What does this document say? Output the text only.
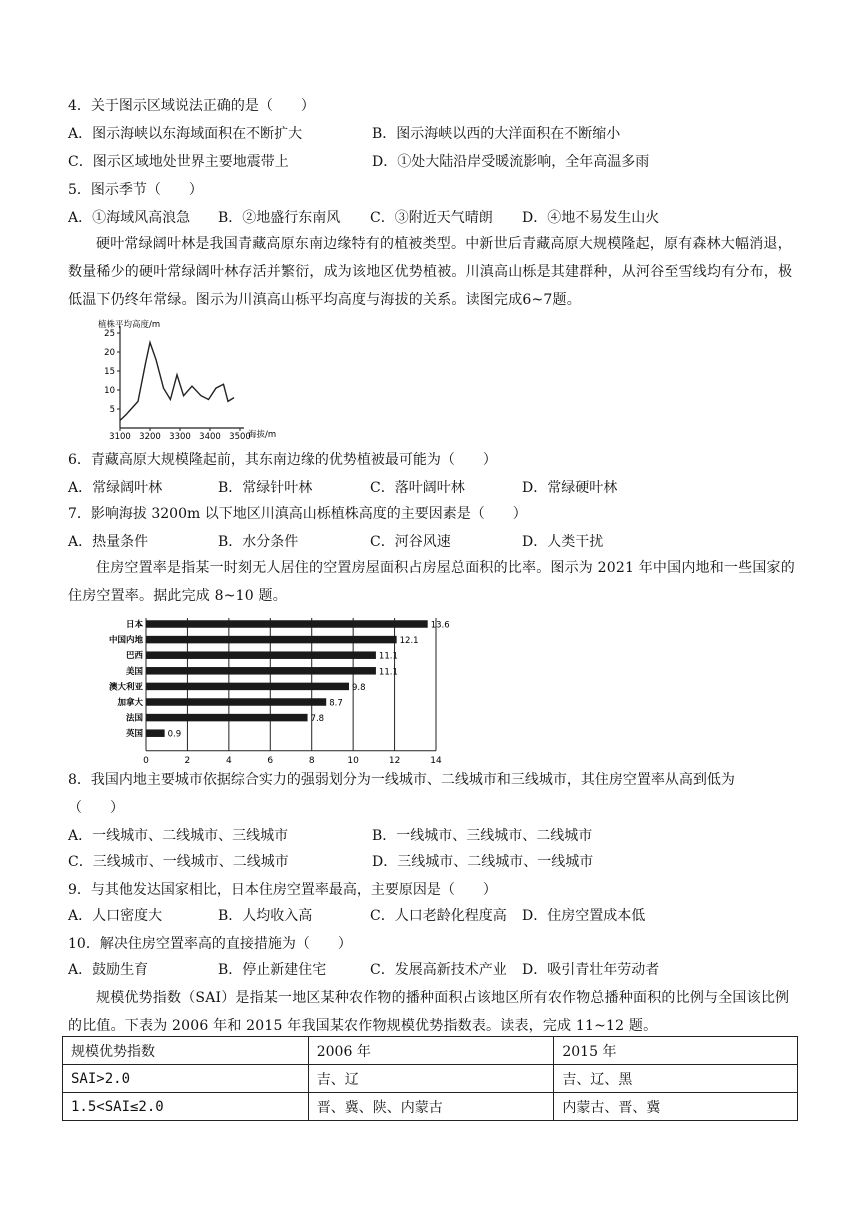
4．关于图示区域说法正确的是（　　）
A．图示海峡以东海域面积在不断扩大	B．图示海峡以西的大洋面积在不断缩小
C．图示区域地处世界主要地震带上	D．①处大陆沿岸受暖流影响，全年高温多雨
5．图示季节（　　）
A．①海域风高浪急 B．②地盛行东南风 C．③附近天气晴朗 D．④地不易发生山火
硬叶常绿阔叶林是我国青藏高原东南边缘特有的植被类型。中新世后青藏高原大规模隆起，原有森林大幅消退，数量稀少的硬叶常绿阔叶林存活并繁衍，成为该地区优势植被。川滇高山栎是其建群种，从河谷至雪线均有分布，极低温下仍终年常绿。图示为川滇高山栎平均高度与海拔的关系。读图完成6~7题。
5
10
15
20
25
3100 3200 3300 3400 3500
植株平均高度/m
海拔/m
6．青藏高原大规模隆起前，其东南边缘的优势植被最可能为（　　）
A．常绿阔叶林	B．常绿针叶林	C．落叶阔叶林	D．常绿硬叶林
7．影响海拔 3200m 以下地区川滇高山栎植株高度的主要因素是（　　）
A．热量条件	B．水分条件	C．河谷风速	D．人类干扰
住房空置率是指某一时刻无人居住的空置房屋面积占房屋总面积的比率。图示为 2021 年中国内地和一些国家的住房空置率。据此完成 8~10 题。
日本
中国内地
巴西
美国
澳大利亚
加拿大
法国
英国
13.6
12.1
11.1
11.1
9.8
8.7
7.8
0.9
0	2	4	6	8	10	12	14
8．我国内地主要城市依据综合实力的强弱划分为一线城市、二线城市和三线城市，其住房空置率从高到低为
（　　）
A．一线城市、二线城市、三线城市	B．一线城市、三线城市、二线城市
C．三线城市、一线城市、二线城市	D．三线城市、二线城市、一线城市
9．与其他发达国家相比，日本住房空置率最高，主要原因是（　　）
A．人口密度大	B．人均收入高	C．人口老龄化程度高 D．住房空置成本低
10．解决住房空置率高的直接措施为（　　）
A．鼓励生育	B．停止新建住宅	C．发展高新技术产业 D．吸引青壮年劳动者
规模优势指数（SAI）是指某一地区某种农作物的播种面积占该地区所有农作物总播种面积的比例与全国该比例的比值。下表为 2006 年和 2015 年我国某农作物规模优势指数表。读表，完成 11~12 题。
规模优势指数	2006 年	2015 年
SAI>2.0	吉、辽	吉、辽、黑
1.5<SAI≤2.0	晋、冀、陕、内蒙古	内蒙古、晋、冀
